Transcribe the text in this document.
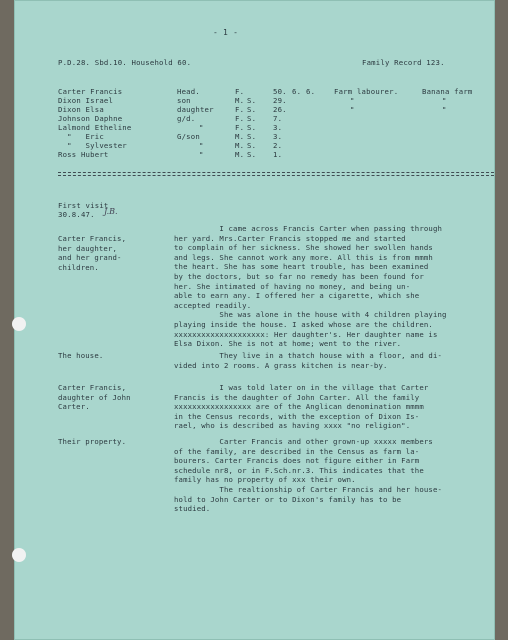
- 1 -
P.D.28. Sbd.10. Household 60.	Family Record 123.
Carter Francis	Head.	F.	50. 6. 6.	Farm labourer.	Banana farm
Dixon Israel	son	M. S. 29.	"	"
Dixon Elsa	daughter	F. S. 26.	"	"
Johnson Daphne	g/d.	F. S. 7.
Lalmond Etheline	"	F. S. 3.
"   Eric	G/son	M. S. 3.
"   Sylvester	"	M. S. 2.
Ross Hubert	"	M. S. 1.
First visit
30.8.47. J.B.
Carter Francis,
her daughter,
and her grand-
children.
I came across Francis Carter when passing through
her yard. Mrs.Carter Francis stopped me and started
to complain of her sickness. She showed her swollen hands
and legs. She cannot work any more. All this is from mmmh
the heart. She has some heart trouble, has been examined
by the doctors, but so far no remedy has been found for
her. She intimated of having no money, and being un-
able to earn any. I offered her a cigarette, which she
accepted readily.
She was alone in the house with 4 children playing
playing inside the house. I asked whose are the children.
xxxxxxxxxxxxxxxxxxxx: Her daughter's. Her daughter name is
Elsa Dixon. She is not at home; went to the river.
The house.	They live in a thatch house with a floor, and di-
vided into 2 rooms. A grass kitchen is near-by.
Carter Francis,
daughter of John
Carter.
I was told later on in the village that Carter
Francis is the daughter of John Carter. All the family
xxxxxxxxxxxxxxxxx are of the Anglican denomination mmmm
in the Census records, with the exception of Dixon Is-
rael, who is described as having xxxx "no religion".
Their property.	Carter Francis and other grown-up xxxxx members
of the family, are described in the Census as farm la-
bourers. Carter Francis does not figure either in Farm
schedule nr8, or in F.Sch.nr.3. This indicates that the
family has no property of xxx their own.
The realtionship of Carter Francis and her house-
hold to John Carter or to Dixon's family has to be
studied.
